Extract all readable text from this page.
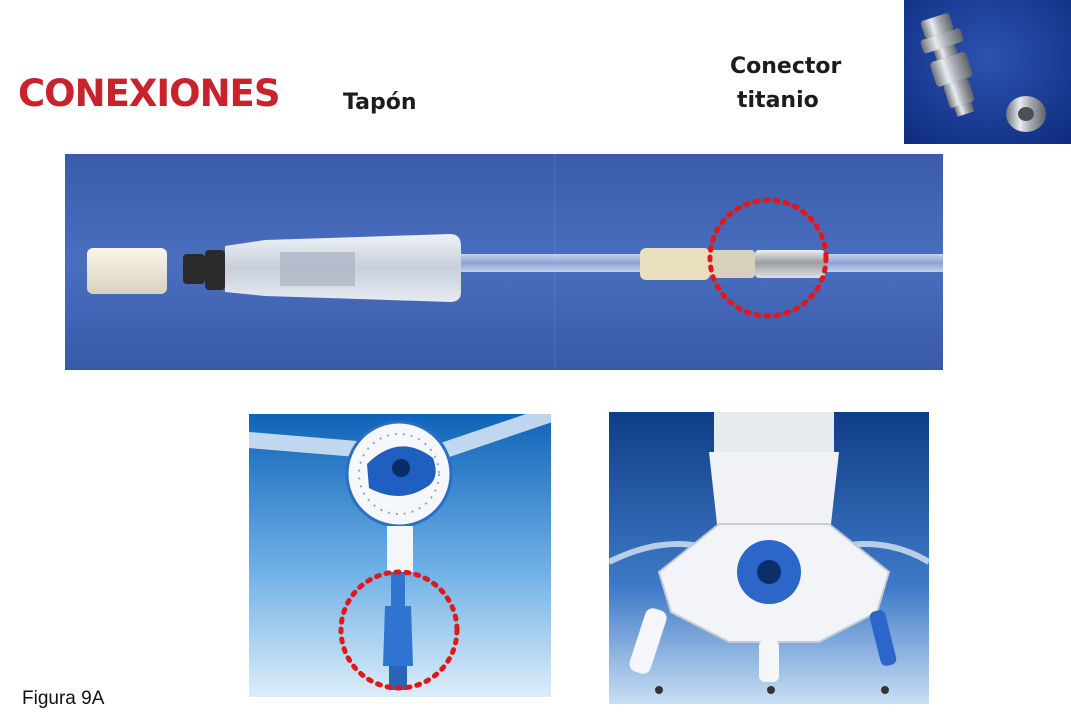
CONEXIONES	Tapón
Conector
titanio
Figura 9A
